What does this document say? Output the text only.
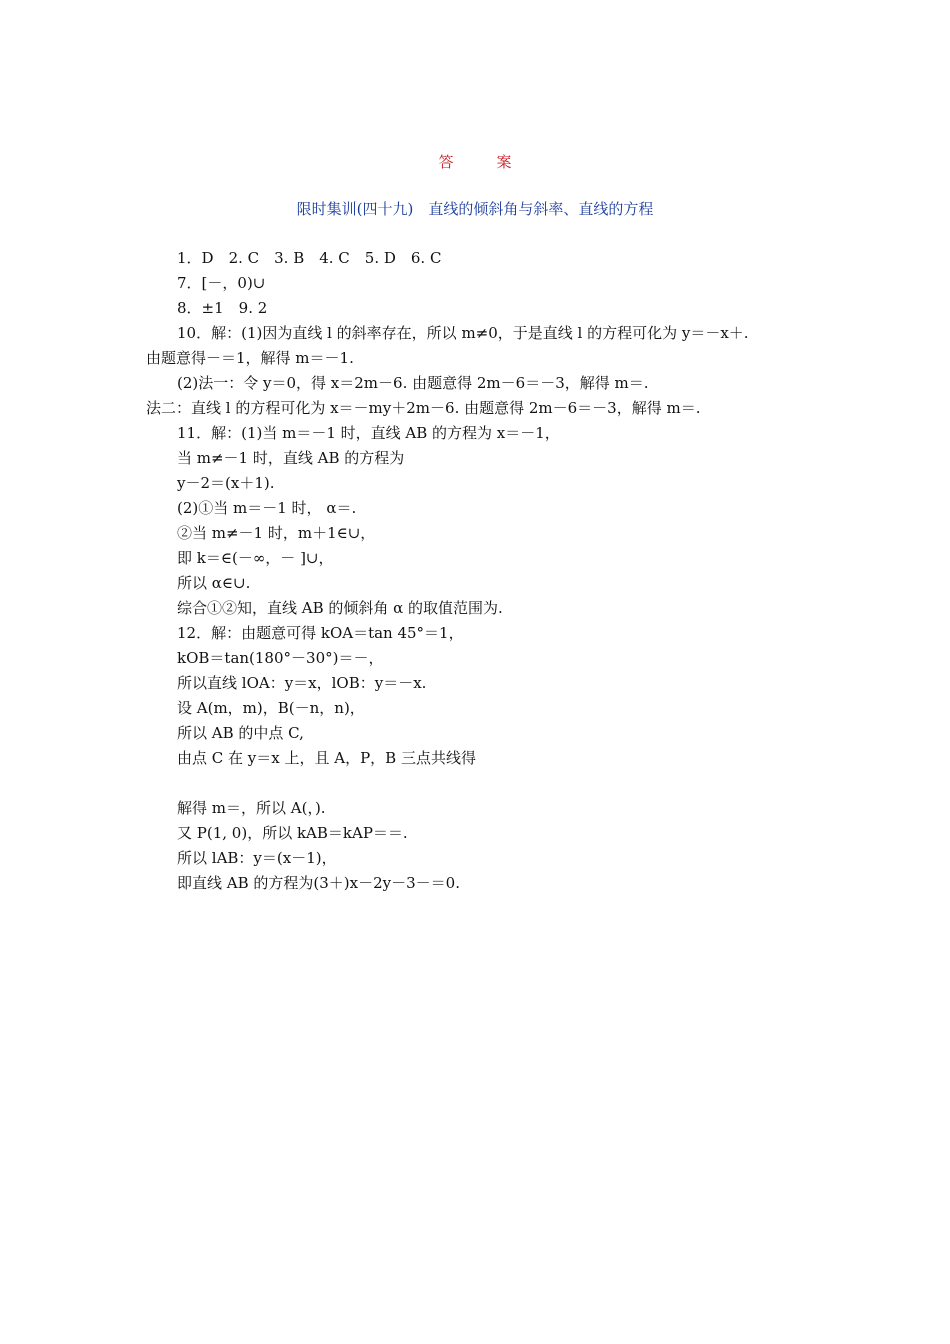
答　案
限时集训(四十九)　直线的倾斜角与斜率、直线的方程
1．D　2. C　3. B　4. C　5. D　6. C
7．[－，0)∪
8．±1　9. 2
10．解：(1)因为直线 l 的斜率存在，所以 m≠0，于是直线 l 的方程可化为 y＝－x＋.
由题意得－＝1，解得 m＝－1.
(2)法一：令 y＝0，得 x＝2m－6. 由题意得 2m－6＝－3，解得 m＝.
法二：直线 l 的方程可化为 x＝－my＋2m－6. 由题意得 2m－6＝－3，解得 m＝.
11．解：(1)当 m＝－1 时，直线 AB 的方程为 x＝－1，
当 m≠－1 时，直线 AB 的方程为
y－2＝(x＋1).
(2)①当 m＝－1 时， α＝.
②当 m≠－1 时，m＋1∈∪，
即 k＝∈(－∞，－ ]∪，
所以 α∈∪.
综合①②知，直线 AB 的倾斜角 α 的取值范围为.
12．解：由题意可得 kOA＝tan 45°＝1，
kOB＝tan(180°－30°)＝－，
所以直线 lOA：y＝x，lOB：y＝－x.
设 A(m，m)，B(－n，n)，
所以 AB 的中点 C,
由点 C 在 y＝x 上，且 A，P，B 三点共线得
解得 m＝，所以 A(，).
又 P(1, 0)，所以 kAB＝kAP＝＝.
所以 lAB：y＝(x－1)，
即直线 AB 的方程为(3＋)x－2y－3－＝0.
